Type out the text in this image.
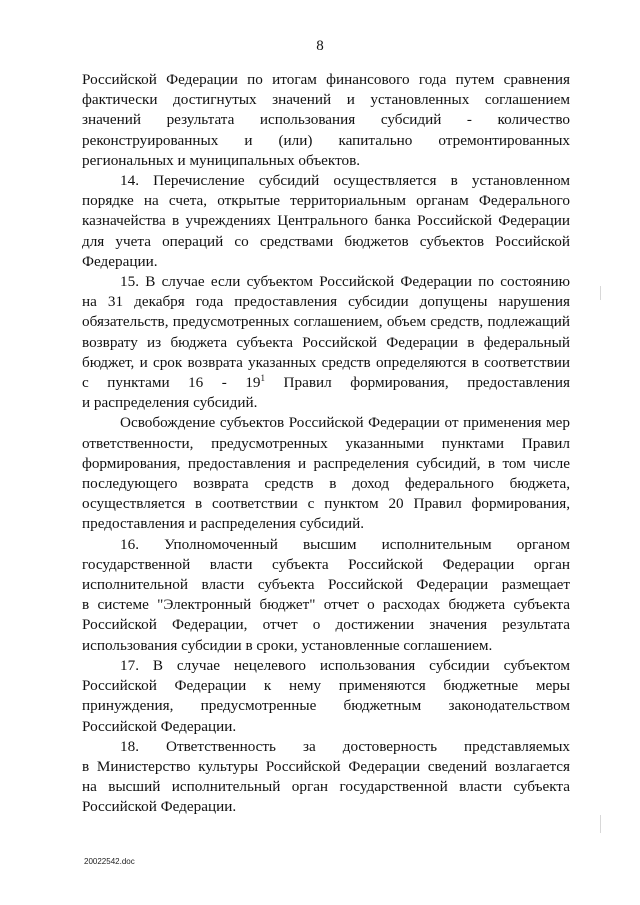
8
Российской Федерации по итогам финансового года путем сравнения
фактически достигнутых значений и установленных соглашением
значений результата использования субсидий - количество
реконструированных и (или) капитально отремонтированных
региональных и муниципальных объектов.
14. Перечисление субсидий осуществляется в установленном
порядке на счета, открытые территориальным органам Федерального
казначейства в учреждениях Центрального банка Российской Федерации
для учета операций со средствами бюджетов субъектов Российской
Федерации.
15. В случае если субъектом Российской Федерации по состоянию
на 31 декабря года предоставления субсидии допущены нарушения
обязательств, предусмотренных соглашением, объем средств, подлежащий
возврату из бюджета субъекта Российской Федерации в федеральный
бюджет, и срок возврата указанных средств определяются в соответствии
с пунктами $16 - 19^1$ Правил формирования, предоставления
и распределения субсидий.
Освобождение субъектов Российской Федерации от применения мер
ответственности, предусмотренных указанными пунктами Правил
формирования, предоставления и распределения субсидий, в том числе
последующего возврата средств в доход федерального бюджета,
осуществляется в соответствии с пунктом 20 Правил формирования,
предоставления и распределения субсидий.
16. Уполномоченный высшим исполнительным органом
государственной власти субъекта Российской Федерации орган
исполнительной власти субъекта Российской Федерации размещает
в системе "Электронный бюджет" отчет о расходах бюджета субъекта
Российской Федерации, отчет о достижении значения результата
использования субсидии в сроки, установленные соглашением.
17. В случае нецелевого использования субсидии субъектом
Российской Федерации к нему применяются бюджетные меры
принуждения, предусмотренные бюджетным законодательством
Российской Федерации.
18. Ответственность за достоверность представляемых
в Министерство культуры Российской Федерации сведений возлагается
на высший исполнительный орган государственной власти субъекта
Российской Федерации.
20022542.doc
